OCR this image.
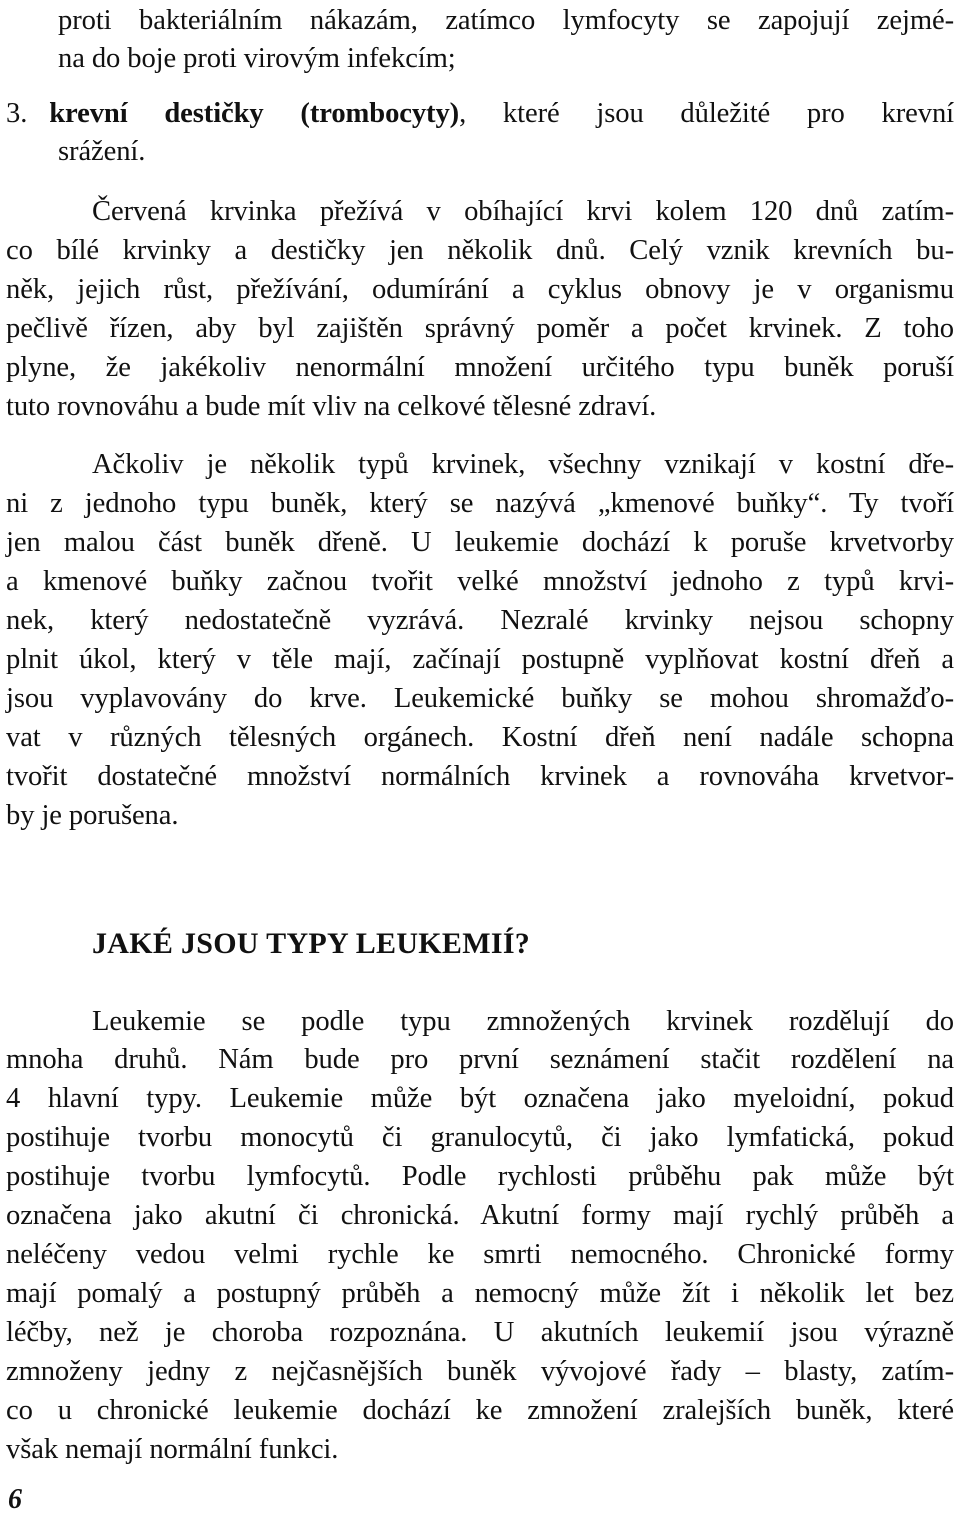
proti bakteriálním nákazám, zatímco lymfocyty se zapojují zejmé-
na do boje proti virovým infekcím;
3. krevní destičky (trombocyty), které jsou důležité pro krevní
srážení.
Červená krvinka přežívá v obíhající krvi kolem 120 dnů zatím-
co bílé krvinky a destičky jen několik dnů. Celý vznik krevních bu-
něk, jejich růst, přežívání, odumírání a cyklus obnovy je v organismu
pečlivě řízen, aby byl zajištěn správný poměr a počet krvinek. Z toho
plyne, že jakékoliv nenormální množení určitého typu buněk poruší
tuto rovnováhu a bude mít vliv na celkové tělesné zdraví.
Ačkoliv je několik typů krvinek, všechny vznikají v kostní dře-
ni z jednoho typu buněk, který se nazývá „kmenové buňky“. Ty tvoří
jen malou část buněk dřeně. U leukemie dochází k poruše krvetvorby
a kmenové buňky začnou tvořit velké množství jednoho z typů krvi-
nek, který nedostatečně vyzrává. Nezralé krvinky nejsou schopny
plnit úkol, který v těle mají, začínají postupně vyplňovat kostní dřeň a
jsou vyplavovány do krve. Leukemické buňky se mohou shromažďo-
vat v různých tělesných orgánech. Kostní dřeň není nadále schopna
tvořit dostatečné množství normálních krvinek a rovnováha krvetvor-
by je porušena.
JAKÉ JSOU TYPY LEUKEMIÍ?
Leukemie se podle typu zmnožených krvinek rozdělují do
mnoha druhů. Nám bude pro první seznámení stačit rozdělení na
4 hlavní typy. Leukemie může být označena jako myeloidní, pokud
postihuje tvorbu monocytů či granulocytů, či jako lymfatická, pokud
postihuje tvorbu lymfocytů. Podle rychlosti průběhu pak může být
označena jako akutní či chronická. Akutní formy mají rychlý průběh a
neléčeny vedou velmi rychle ke smrti nemocného. Chronické formy
mají pomalý a postupný průběh a nemocný může žít i několik let bez
léčby, než je choroba rozpoznána. U akutních leukemií jsou výrazně
zmnoženy jedny z nejčasnějších buněk vývojové řady – blasty, zatím-
co u chronické leukemie dochází ke zmnožení zralejších buněk, které
však nemají normální funkci.
6
